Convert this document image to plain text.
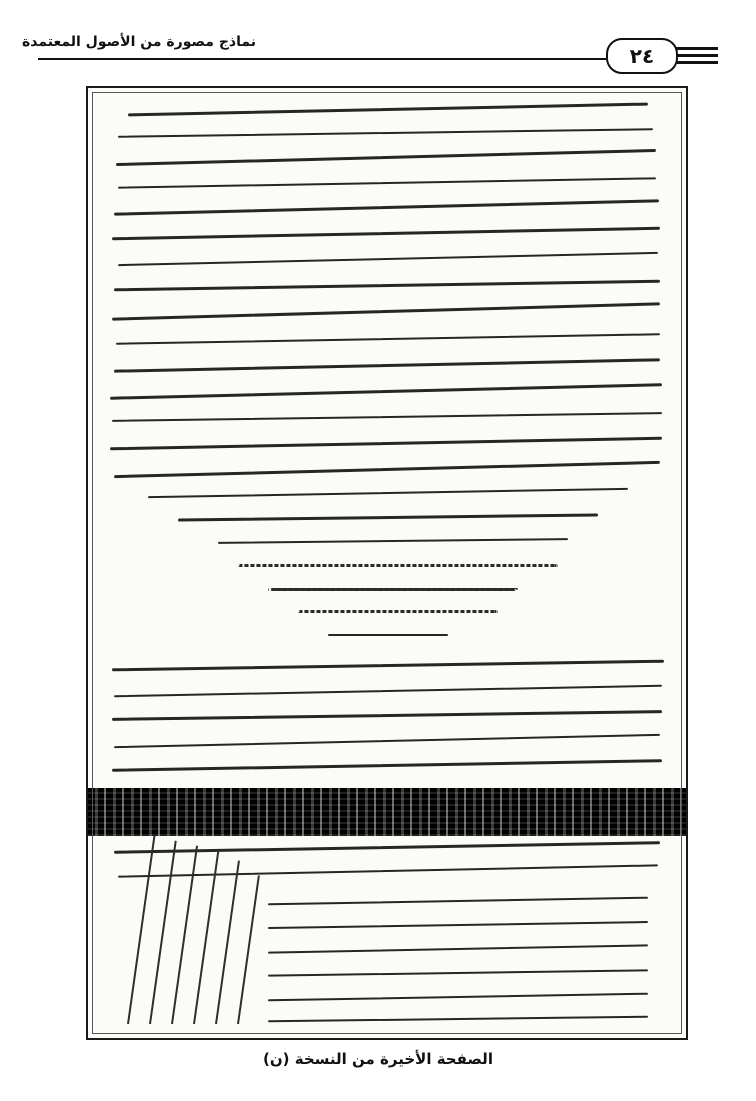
نماذج مصورة من الأصول المعتمدة
٢٤
الصفحة الأخيرة من النسخة (ن)
